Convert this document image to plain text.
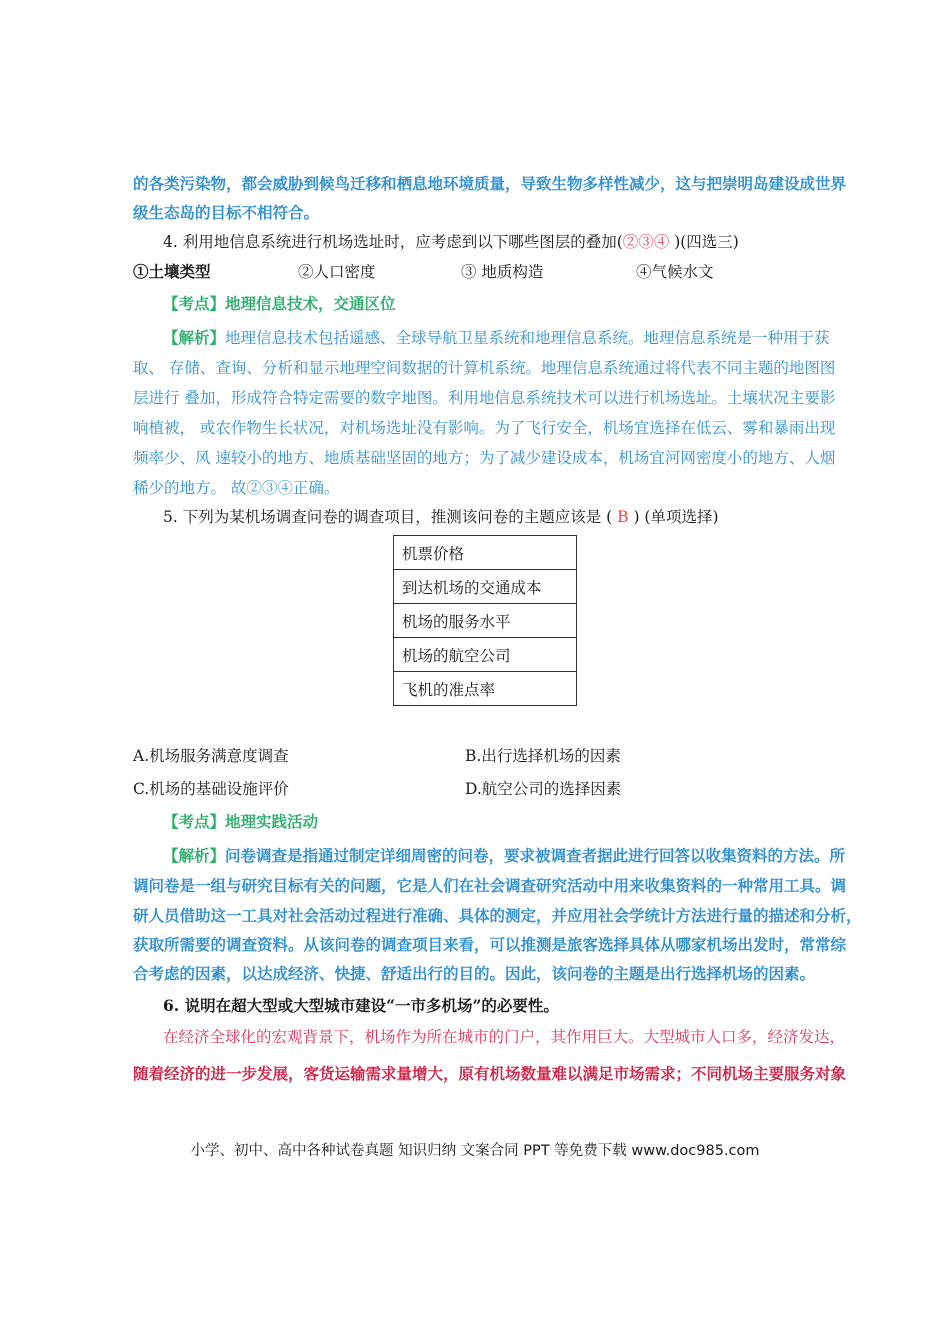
的各类污染物，都会威胁到候鸟迁移和栖息地环境质量，导致生物多样性减少，这与把崇明岛建设成世界
级生态岛的目标不相符合。
4. 利用地信息系统进行机场选址时，应考虑到以下哪些图层的叠加(②③④ )(四选三)
①土壤类型	②人口密度	③ 地质构造	④气候水文
【考点】地理信息技术，交通区位
【解析】地理信息技术包括遥感、全球导航卫星系统和地理信息系统。地理信息系统是一种用于获
取、 存储、查询、分析和显示地理空间数据的计算机系统。地理信息系统通过将代表不同主题的地图图
层进行 叠加，形成符合特定需要的数字地图。利用地信息系统技术可以进行机场选址。土壤状况主要影
响植被， 或农作物生长状况，对机场选址没有影响。为了飞行安全，机场宜选择在低云、雾和暴雨出现
频率少、风 速较小的地方、地质基础坚固的地方；为了减少建设成本，机场宜河网密度小的地方、人烟
稀少的地方。 故②③④正确。
5. 下列为某机场调查问卷的调查项目，推测该问卷的主题应该是 ( B ) (单项选择)
机票价格
到达机场的交通成本
机场的服务水平
机场的航空公司
飞机的准点率
A.机场服务满意度调查	B.出行选择机场的因素
C.机场的基础设施评价	D.航空公司的选择因素
【考点】地理实践活动
【解析】问卷调查是指通过制定详细周密的问卷，要求被调查者据此进行回答以收集资料的方法。所
调问卷是一组与研究目标有关的问题，它是人们在社会调查研究活动中用来收集资料的一种常用工具。调
研人员借助这一工具对社会活动过程进行准确、具体的测定，并应用社会学统计方法进行量的描述和分析，
获取所需要的调查资料。从该问卷的调查项目来看，可以推测是旅客选择具体从哪家机场出发时，常常综
合考虑的因素，以达成经济、快捷、舒适出行的目的。因此，该问卷的主题是出行选择机场的因素。
6. 说明在超大型或大型城市建设“一市多机场”的必要性。
在经济全球化的宏观背景下，机场作为所在城市的门户，其作用巨大。大型城市人口多，经济发达，
随着经济的进一步发展，客货运输需求量增大，原有机场数量难以满足市场需求；不同机场主要服务对象
小学、初中、高中各种试卷真题 知识归纳 文案合同 PPT 等免费下载 www.doc985.com
